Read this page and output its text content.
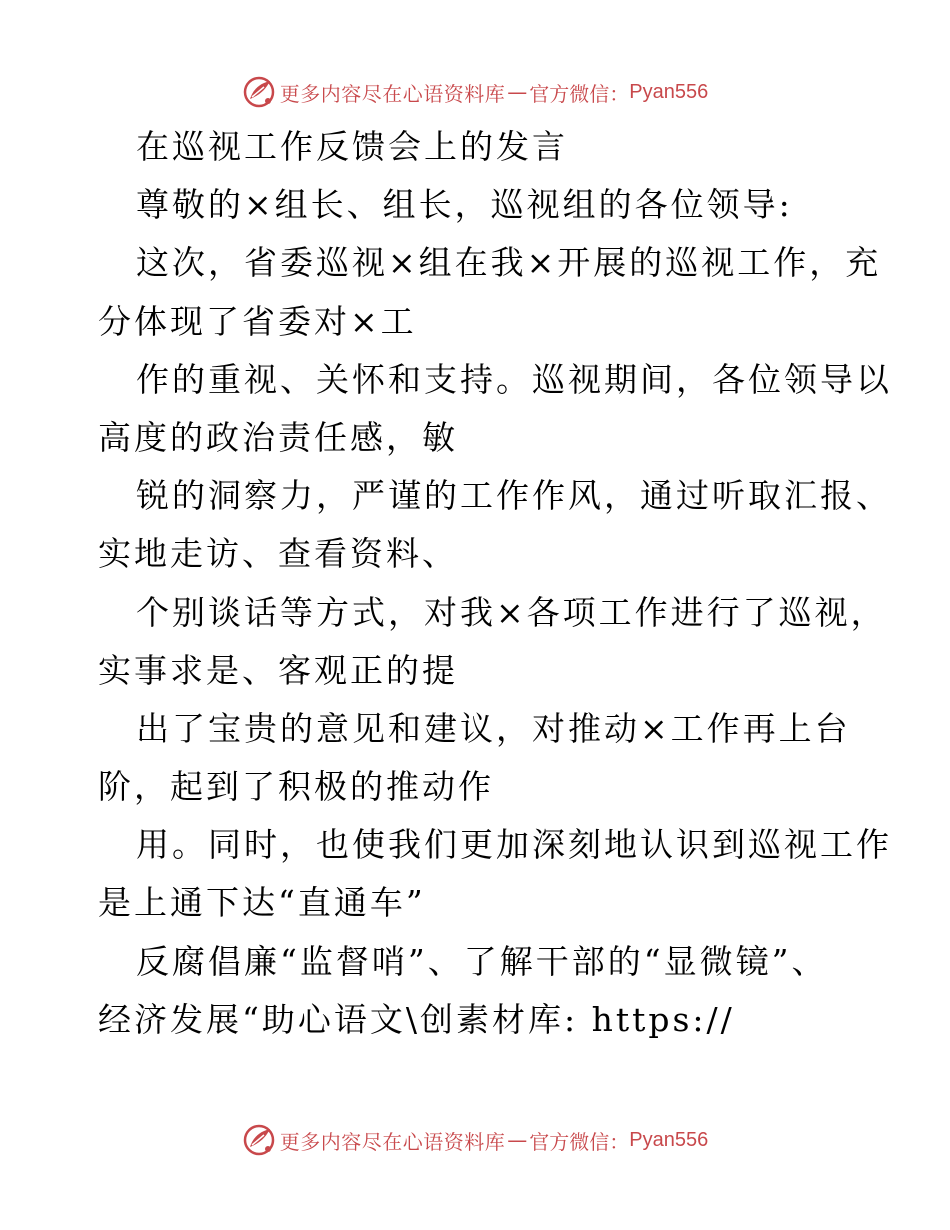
更多内容尽在心语资料库 — 官方微信： Pyan556
在巡视工作反馈会上的发言
尊敬的×组长、组长，巡视组的各位领导:
这次，省委巡视×组在我×开展的巡视工作，充
分体现了省委对×工
作的重视、关怀和支持。巡视期间，各位领导以
高度的政治责任感，敏
锐的洞察力，严谨的工作作风，通过听取汇报、
实地走访、查看资料、
个别谈话等方式，对我×各项工作进行了巡视，
实事求是、客观正的提
出了宝贵的意见和建议，对推动×工作再上台
阶，起到了积极的推动作
用。同时，也使我们更加深刻地认识到巡视工作
是上通下达“直通车”
反腐倡廉“监督哨”、了解干部的“显微镜”、
经济发展“助心语文\创素材库: https://
更多内容尽在心语资料库 — 官方微信： Pyan556
